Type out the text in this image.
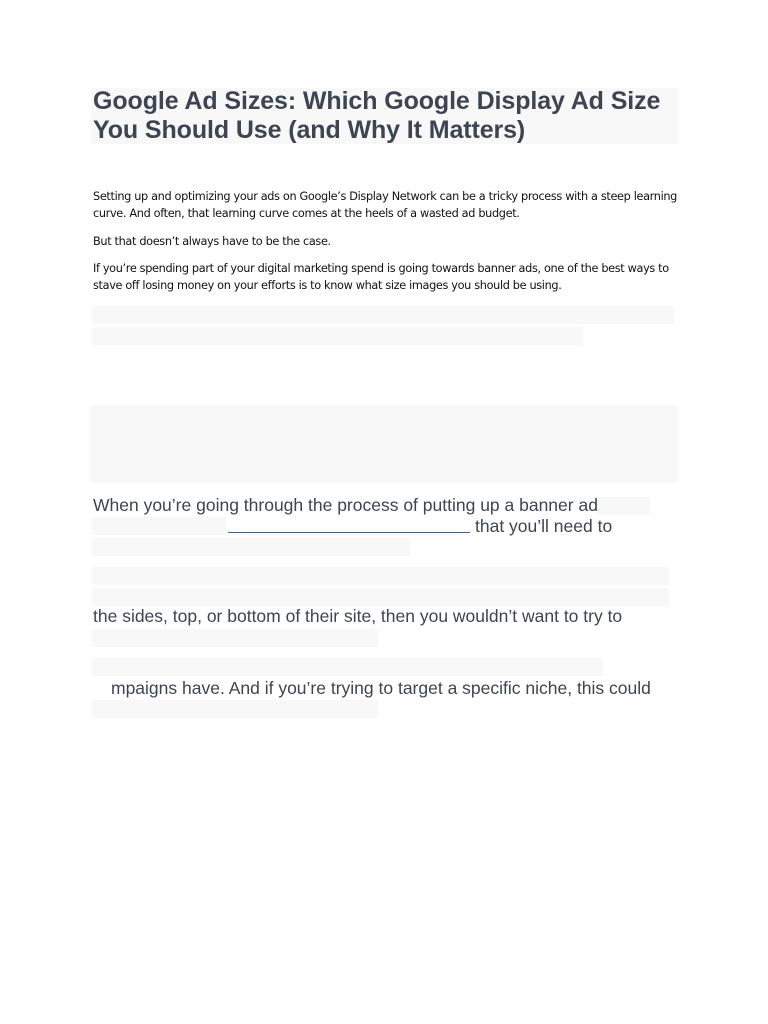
Google Ad Sizes: Which Google Display Ad Size You Should Use (and Why It Matters)

Setting up and optimizing your ads on Google’s Display Network can be a tricky process with a steep learning curve. And often, that learning curve comes at the heels of a wasted ad budget.

But that doesn’t always have to be the case.

If you’re spending part of your digital marketing spend is going towards banner ads, one of the best ways to stave off losing money on your efforts is to know what size images you should be using.

When you’re going through the process of putting up a banner ad

that you’ll need to

the sides, top, or bottom of their site, then you wouldn’t want to try to

mpaigns have. And if you’re trying to target a specific niche, this could
